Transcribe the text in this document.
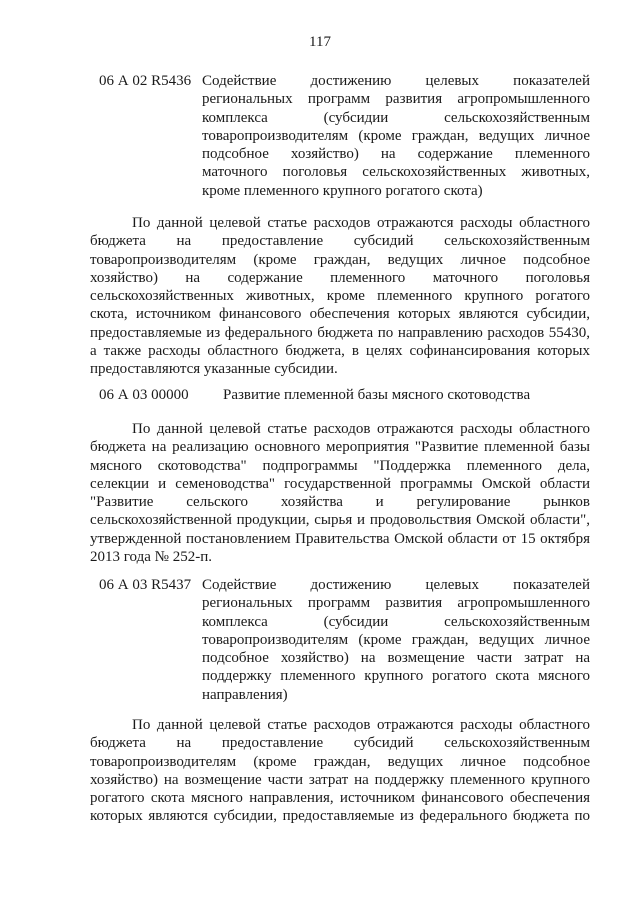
117
06 А 02 R5436 Содействие достижению целевых показателей
региональных программ развития агропромышленного
комплекса (субсидии сельскохозяйственным
товаропроизводителям (кроме граждан, ведущих личное
подсобное хозяйство) на содержание племенного
маточного поголовья сельскохозяйственных животных,
кроме племенного крупного рогатого скота)
По данной целевой статье расходов отражаются расходы областного
бюджета на предоставление субсидий сельскохозяйственным
товаропроизводителям (кроме граждан, ведущих личное подсобное
хозяйство) на содержание племенного маточного поголовья
сельскохозяйственных животных, кроме племенного крупного рогатого
скота, источником финансового обеспечения которых являются субсидии,
предоставляемые из федерального бюджета по направлению расходов 55430,
а также расходы областного бюджета, в целях софинансирования которых
предоставляются указанные субсидии.
06 А 03 00000 Развитие племенной базы мясного скотоводства
По данной целевой статье расходов отражаются расходы областного
бюджета на реализацию основного мероприятия "Развитие племенной базы
мясного скотоводства" подпрограммы "Поддержка племенного дела,
селекции и семеноводства" государственной программы Омской области
"Развитие сельского хозяйства и регулирование рынков
сельскохозяйственной продукции, сырья и продовольствия Омской области",
утвержденной постановлением Правительства Омской области от 15 октября
2013 года № 252-п.
06 А 03 R5437 Содействие достижению целевых показателей
региональных программ развития агропромышленного
комплекса (субсидии сельскохозяйственным
товаропроизводителям (кроме граждан, ведущих личное
подсобное хозяйство) на возмещение части затрат на
поддержку племенного крупного рогатого скота мясного
направления)
По данной целевой статье расходов отражаются расходы областного
бюджета на предоставление субсидий сельскохозяйственным
товаропроизводителям (кроме граждан, ведущих личное подсобное
хозяйство) на возмещение части затрат на поддержку племенного крупного
рогатого скота мясного направления, источником финансового обеспечения
которых являются субсидии, предоставляемые из федерального бюджета по
